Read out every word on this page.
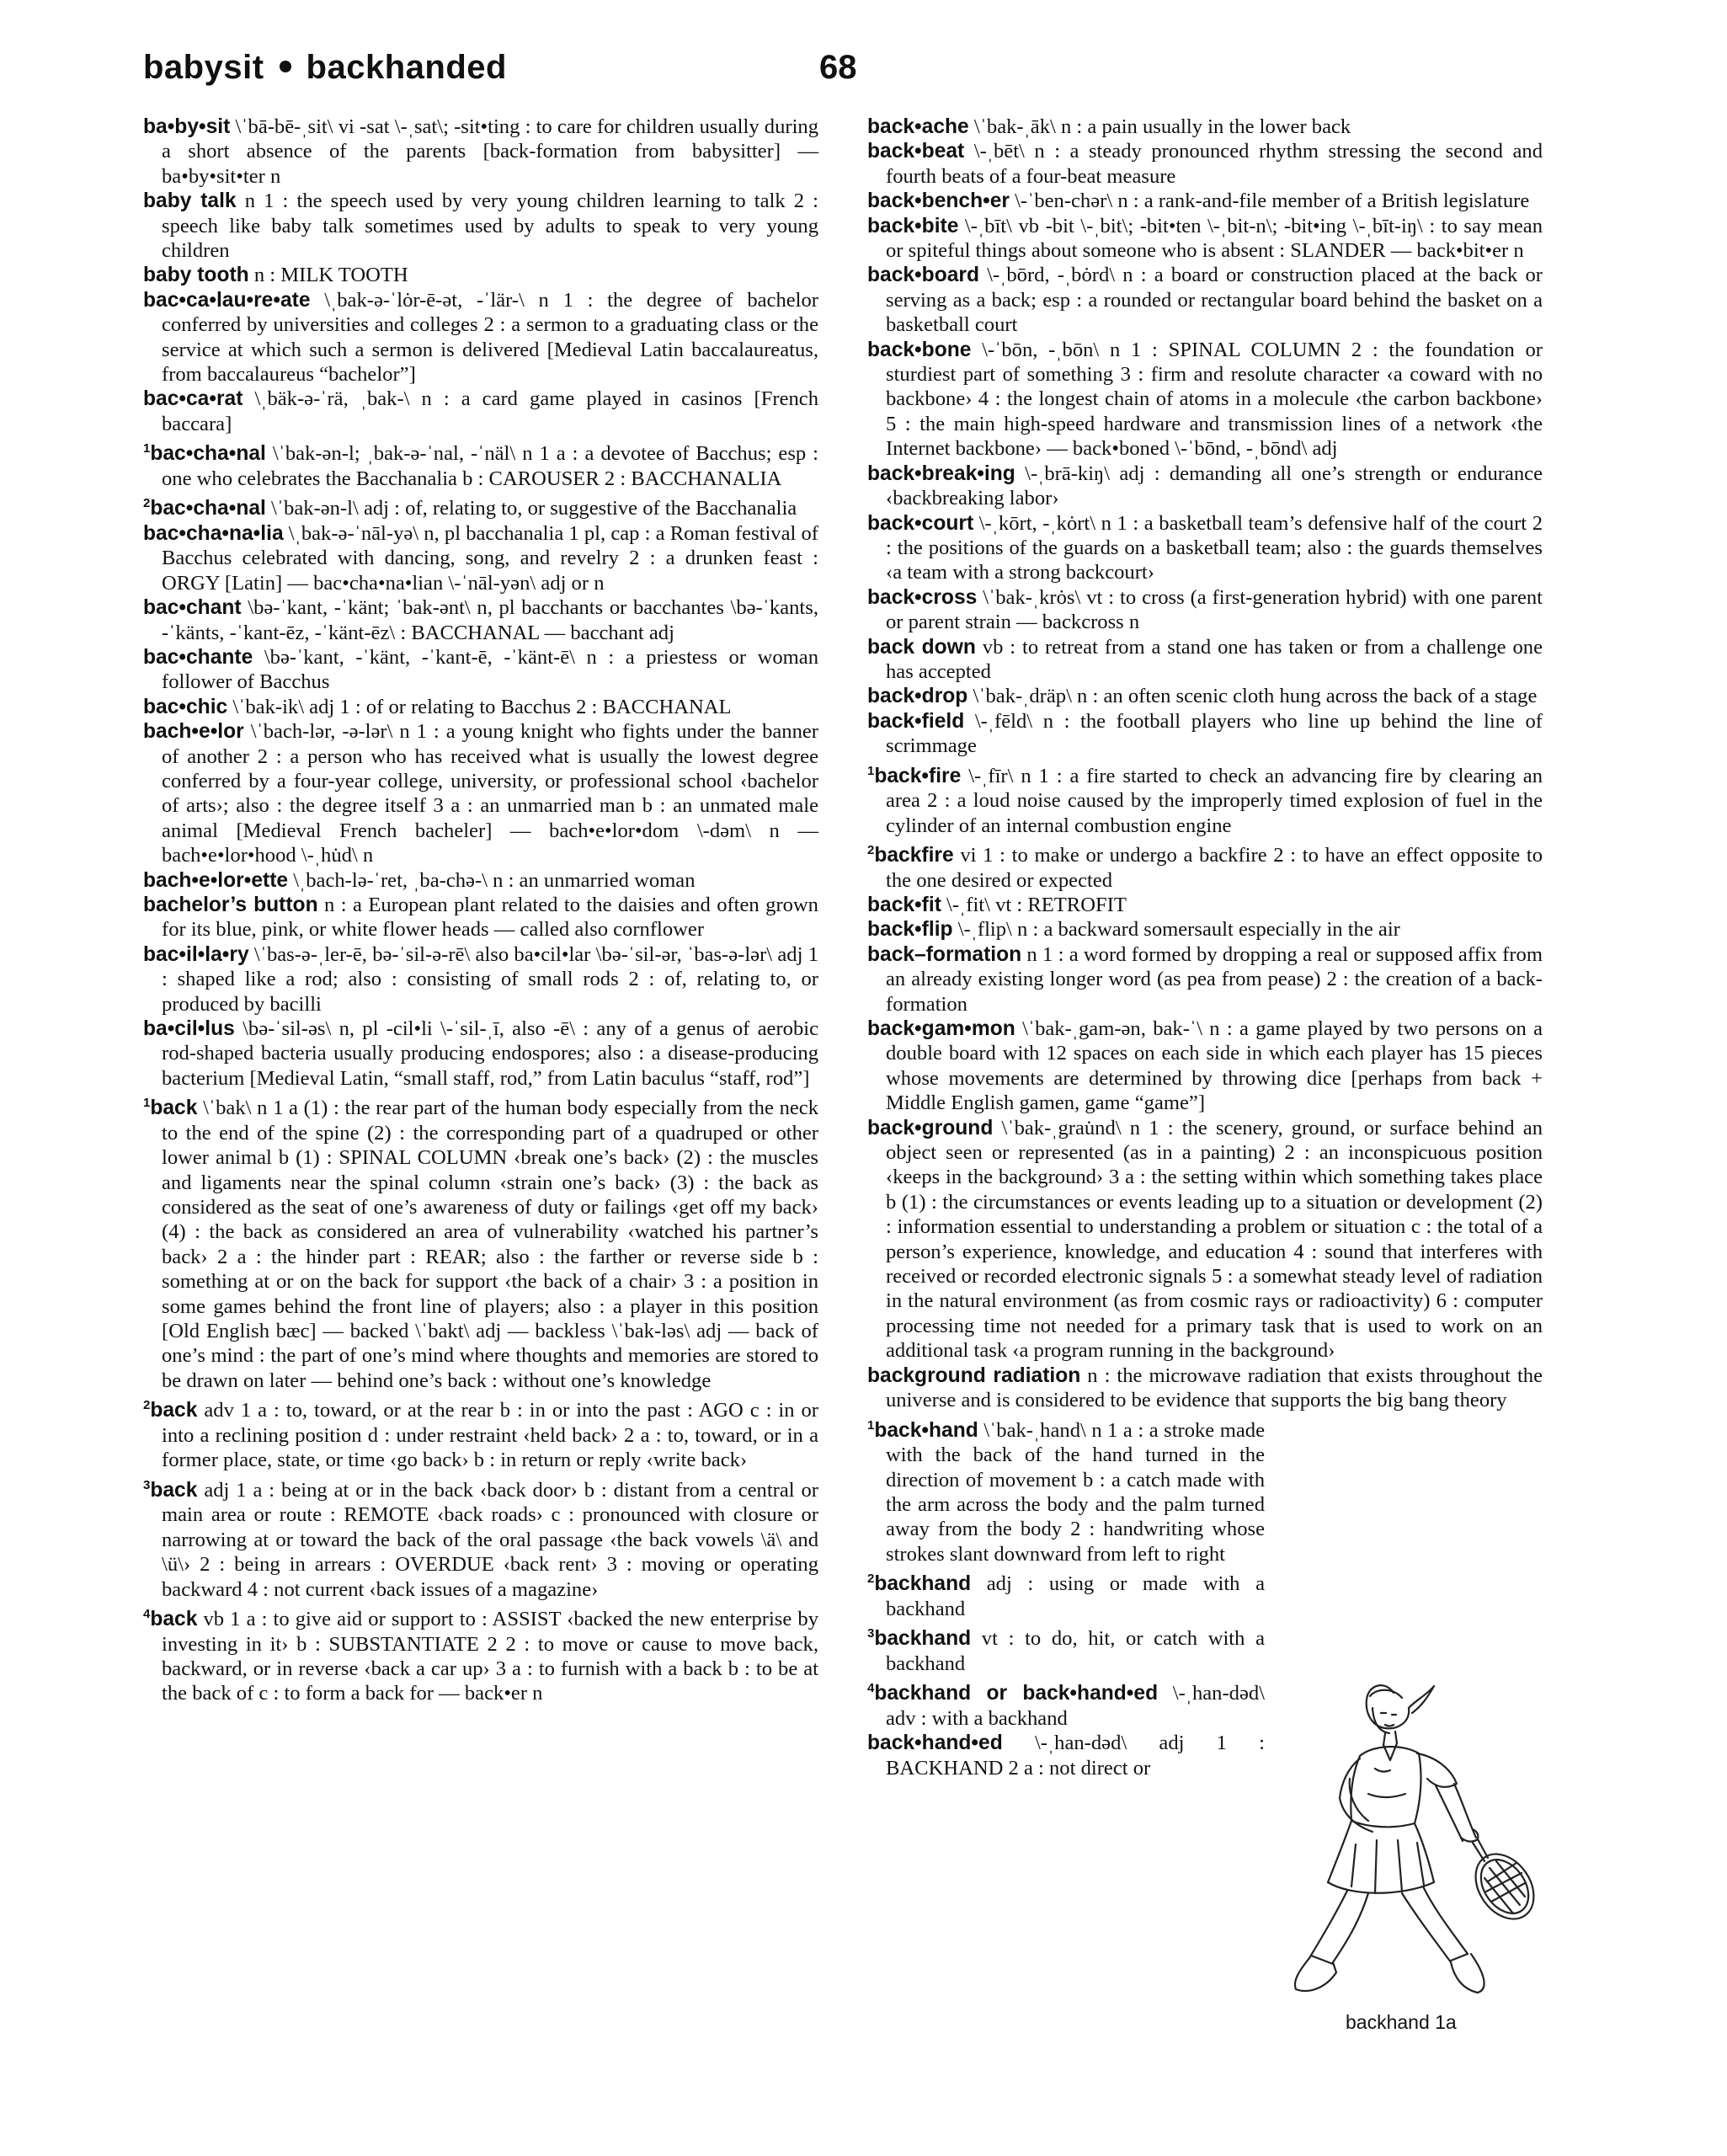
babysit backhanded	68

ba•by•sit \ˈbā-bē-ˌsit\ vi -sat \-ˌsat\; -sit•ting : to care for children usually during a short absence of the parents [back-formation from babysitter] — ba•by•sit•ter n

baby talk n 1 : the speech used by very young children learning to talk 2 : speech like baby talk sometimes used by adults to speak to very young children

baby tooth n : MILK TOOTH

bac•ca•lau•re•ate \ˌbak-ə-ˈlȯr-ē-ət, -ˈlär-\ n 1 : the degree of bachelor conferred by universities and colleges 2 : a sermon to a graduating class or the service at which such a sermon is delivered [Medieval Latin baccalaureatus, from baccalaureus “bachelor”]

bac•ca•rat \ˌbäk-ə-ˈrä, ˌbak-\ n : a card game played in casinos [French baccara]

$^1$bac•cha•nal \ˈbak-ən-l; ˌbak-ə-ˈnal, -ˈnäl\ n 1 a : a devotee of Bacchus; esp : one who celebrates the Bacchanalia b : CAROUSER 2 : BACCHANALIA

$^2$bac•cha•nal \ˈbak-ən-l\ adj : of, relating to, or suggestive of the Bacchanalia

bac•cha•na•lia \ˌbak-ə-ˈnāl-yə\ n, pl bacchanalia 1 pl, cap : a Roman festival of Bacchus celebrated with dancing, song, and revelry 2 : a drunken feast : ORGY [Latin] — bac•cha•na•lian \-ˈnāl-yən\ adj or n

bac•chant \bə-ˈkant, -ˈkänt; ˈbak-ənt\ n, pl bacchants or bacchantes \bə-ˈkants, -ˈkänts, -ˈkant-ēz, -ˈkänt-ēz\ : BACCHANAL — bacchant adj

bac•chante \bə-ˈkant, -ˈkänt, -ˈkant-ē, -ˈkänt-ē\ n : a priestess or woman follower of Bacchus

bac•chic \ˈbak-ik\ adj 1 : of or relating to Bacchus 2 : BACCHANAL

bach•e•lor \ˈbach-lər, -ə-lər\ n 1 : a young knight who fights under the banner of another 2 : a person who has received what is usually the lowest degree conferred by a four-year college, university, or professional school ‹bachelor of arts›; also : the degree itself 3 a : an unmarried man b : an unmated male animal [Medieval French bacheler] — bach•e•lor•dom \-dəm\ n — bach•e•lor•hood \-ˌhu̇d\ n

bach•e•lor•ette \ˌbach-lə-ˈret, ˌba-chə-\ n : an unmarried woman

bachelor’s button n : a European plant related to the daisies and often grown for its blue, pink, or white flower heads — called also cornflower

bac•il•la•ry \ˈbas-ə-ˌler-ē, bə-ˈsil-ə-rē\ also ba•cil•lar \bə-ˈsil-ər, ˈbas-ə-lər\ adj 1 : shaped like a rod; also : consisting of small rods 2 : of, relating to, or produced by bacilli

ba•cil•lus \bə-ˈsil-əs\ n, pl -cil•li \-ˈsil-ˌī, also -ē\ : any of a genus of aerobic rod-shaped bacteria usually producing endospores; also : a disease-producing bacterium [Medieval Latin, “small staff, rod,” from Latin baculus “staff, rod”]

$^1$back \ˈbak\ n 1 a (1) : the rear part of the human body especially from the neck to the end of the spine (2) : the corresponding part of a quadruped or other lower animal b (1) : SPINAL COLUMN ‹break one’s back› (2) : the muscles and ligaments near the spinal column ‹strain one’s back› (3) : the back as considered as the seat of one’s awareness of duty or failings ‹get off my back› (4) : the back as considered an area of vulnerability ‹watched his partner’s back› 2 a : the hinder part : REAR; also : the farther or reverse side b : something at or on the back for support ‹the back of a chair› 3 : a position in some games behind the front line of players; also : a player in this position [Old English bæc] — backed \ˈbakt\ adj — backless \ˈbak-ləs\ adj — back of one’s mind : the part of one’s mind where thoughts and memories are stored to be drawn on later — behind one’s back : without one’s knowledge

$^2$back adv 1 a : to, toward, or at the rear b : in or into the past : AGO c : in or into a reclining position d : under restraint ‹held back› 2 a : to, toward, or in a former place, state, or time ‹go back› b : in return or reply ‹write back›

$^3$back adj 1 a : being at or in the back ‹back door› b : distant from a central or main area or route : REMOTE ‹back roads› c : pronounced with closure or narrowing at or toward the back of the oral passage ‹the back vowels \ä\ and \ü\› 2 : being in arrears : OVERDUE ‹back rent› 3 : moving or operating backward 4 : not current ‹back issues of a magazine›

$^4$back vb 1 a : to give aid or support to : ASSIST ‹backed the new enterprise by investing in it› b : SUBSTANTIATE 2 2 : to move or cause to move back, backward, or in reverse ‹back a car up› 3 a : to furnish with a back b : to be at the back of c : to form a back for — back•er n

back•ache \ˈbak-ˌāk\ n : a pain usually in the lower back

back•beat \-ˌbēt\ n : a steady pronounced rhythm stressing the second and fourth beats of a four-beat measure

back•bench•er \-ˈben-chər\ n : a rank-and-file member of a British legislature

back•bite \-ˌbīt\ vb -bit \-ˌbit\; -bit•ten \-ˌbit-n\; -bit•ing \-ˌbīt-iŋ\ : to say mean or spiteful things about someone who is absent : SLANDER — back•bit•er n

back•board \-ˌbōrd, -ˌbȯrd\ n : a board or construction placed at the back or serving as a back; esp : a rounded or rectangular board behind the basket on a basketball court

back•bone \-ˈbōn, -ˌbōn\ n 1 : SPINAL COLUMN 2 : the foundation or sturdiest part of something 3 : firm and resolute character ‹a coward with no backbone› 4 : the longest chain of atoms in a molecule ‹the carbon backbone› 5 : the main high-speed hardware and transmission lines of a network ‹the Internet backbone› — back•boned \-ˈbōnd, -ˌbōnd\ adj

back•break•ing \-ˌbrā-kiŋ\ adj : demanding all one’s strength or endurance ‹backbreaking labor›

back•court \-ˌkōrt, -ˌkȯrt\ n 1 : a basketball team’s defensive half of the court 2 : the positions of the guards on a basketball team; also : the guards themselves ‹a team with a strong backcourt›

back•cross \ˈbak-ˌkrȯs\ vt : to cross (a first-generation hybrid) with one parent or parent strain — backcross n

back down vb : to retreat from a stand one has taken or from a challenge one has accepted

back•drop \ˈbak-ˌdräp\ n : an often scenic cloth hung across the back of a stage

back•field \-ˌfēld\ n : the football players who line up behind the line of scrimmage

$^1$back•fire \-ˌfīr\ n 1 : a fire started to check an advancing fire by clearing an area 2 : a loud noise caused by the improperly timed explosion of fuel in the cylinder of an internal combustion engine

$^2$backfire vi 1 : to make or undergo a backfire 2 : to have an effect opposite to the one desired or expected

back•fit \-ˌfit\ vt : RETROFIT

back•flip \-ˌflip\ n : a backward somersault especially in the air

back–formation n 1 : a word formed by dropping a real or supposed affix from an already existing longer word (as pea from pease) 2 : the creation of a back-formation

back•gam•mon \ˈbak-ˌgam-ən, bak-ˈ\ n : a game played by two persons on a double board with 12 spaces on each side in which each player has 15 pieces whose movements are determined by throwing dice [perhaps from back + Middle English gamen, game “game”]

back•ground \ˈbak-ˌgrau̇nd\ n 1 : the scenery, ground, or surface behind an object seen or represented (as in a painting) 2 : an inconspicuous position ‹keeps in the background› 3 a : the setting within which something takes place b (1) : the circumstances or events leading up to a situation or development (2) : information essential to understanding a problem or situation c : the total of a person’s experience, knowledge, and education 4 : sound that interferes with received or recorded electronic signals 5 : a somewhat steady level of radiation in the natural environment (as from cosmic rays or radioactivity) 6 : computer processing time not needed for a primary task that is used to work on an additional task ‹a program running in the background›

background radiation n : the microwave radiation that exists throughout the universe and is considered to be evidence that supports the big bang theory

$^1$back•hand \ˈbak-ˌhand\ n 1 a : a stroke made with the back of the hand turned in the direction of movement b : a catch made with the arm across the body and the palm turned away from the body 2 : handwriting whose strokes slant downward from left to right

$^2$backhand adj : using or made with a backhand

$^3$backhand vt : to do, hit, or catch with a backhand

$^4$backhand or back•hand•ed \-ˌhan-dəd\ adv : with a backhand

back•hand•ed \-ˌhan-dəd\ adj 1 : BACKHAND 2 a : not direct or

backhand 1a
